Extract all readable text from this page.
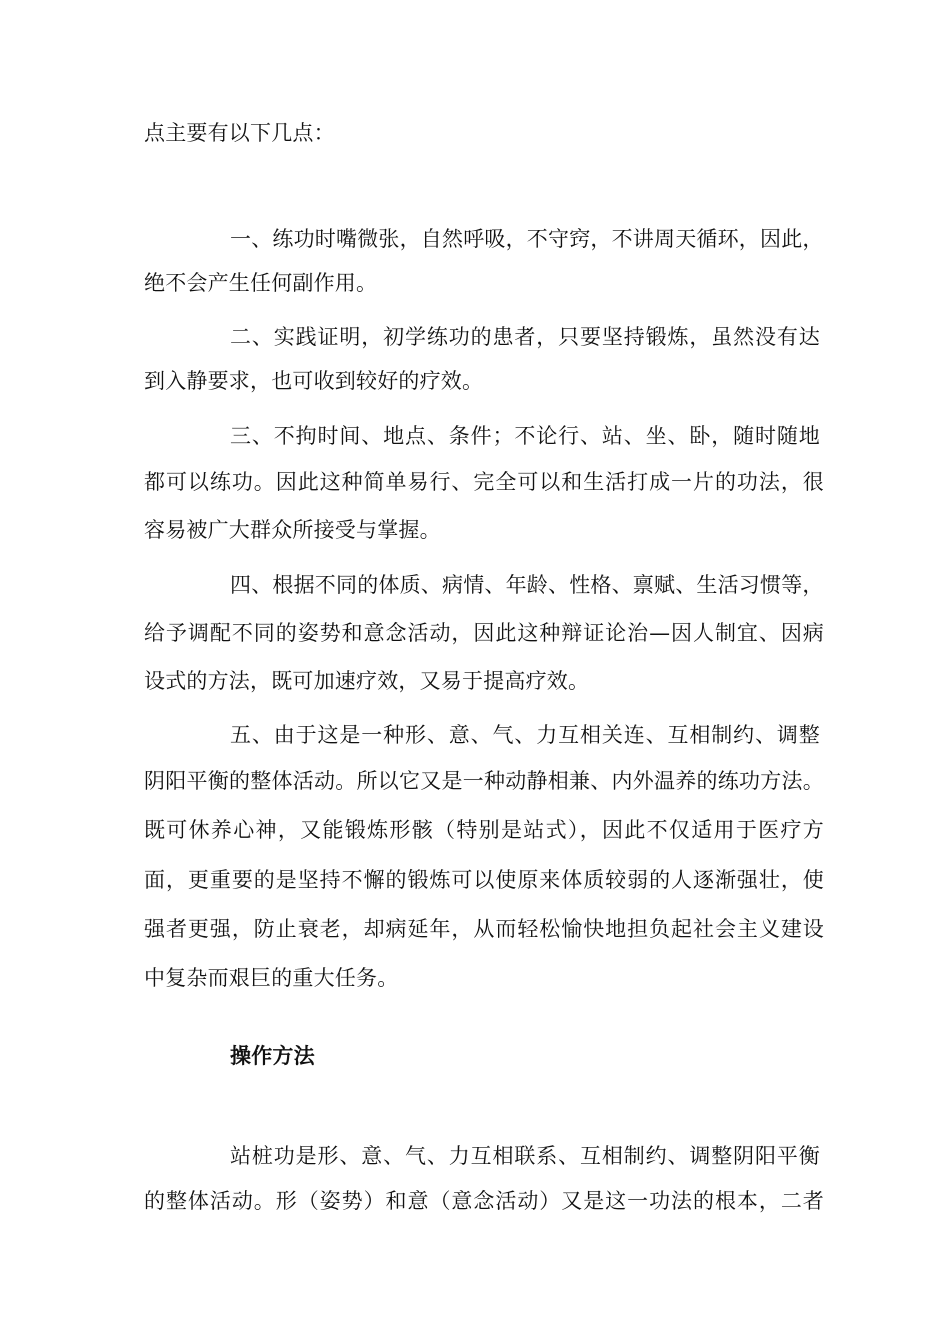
点主要有以下几点：
一、练功时嘴微张，自然呼吸，不守窍，不讲周天循环，因此，
绝不会产生任何副作用。
二、实践证明，初学练功的患者，只要坚持锻炼，虽然没有达
到入静要求，也可收到较好的疗效。
三、不拘时间、地点、条件；不论行、站、坐、卧，随时随地
都可以练功。因此这种简单易行、完全可以和生活打成一片的功法，很
容易被广大群众所接受与掌握。
四、根据不同的体质、病情、年龄、性格、禀赋、生活习惯等，
给予调配不同的姿势和意念活动，因此这种辩证论治—因人制宜、因病
设式的方法，既可加速疗效，又易于提高疗效。
五、由于这是一种形、意、气、力互相关连、互相制约、调整
阴阳平衡的整体活动。所以它又是一种动静相兼、内外温养的练功方法。
既可休养心神，又能锻炼形骸（特别是站式），因此不仅适用于医疗方
面，更重要的是坚持不懈的锻炼可以使原来体质较弱的人逐渐强壮，使
强者更强，防止衰老，却病延年，从而轻松愉快地担负起社会主义建设
中复杂而艰巨的重大任务。
操作方法
站桩功是形、意、气、力互相联系、互相制约、调整阴阳平衡
的整体活动。形（姿势）和意（意念活动）又是这一功法的根本，二者
